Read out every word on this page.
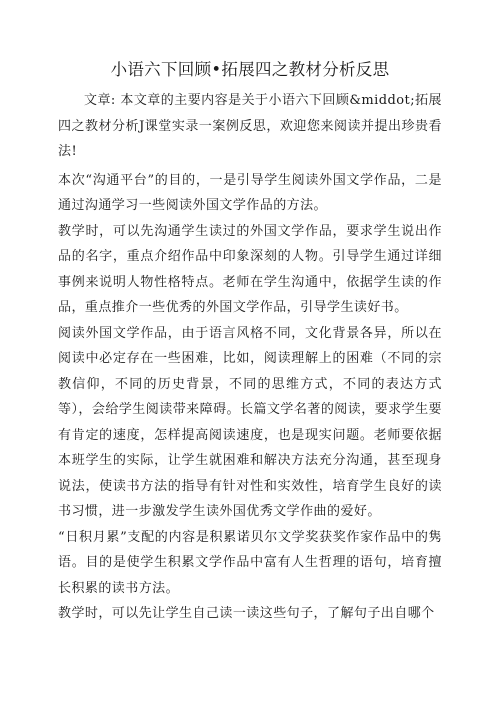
小语六下回顾•拓展四之教材分析反思

文章: 本文章的主要内容是关于小语六下回顾&middot;拓展四之教材分析J课堂实录一案例反思，欢迎您来阅读并提出珍贵看法!

本次“沟通平台”的目的，一是引导学生阅读外国文学作品，二是通过沟通学习一些阅读外国文学作品的方法。

教学时，可以先沟通学生读过的外国文学作品，要求学生说出作品的名字，重点介绍作品中印象深刻的人物。引导学生通过详细事例来说明人物性格特点。老师在学生沟通中，依据学生读的作品，重点推介一些优秀的外国文学作品，引导学生读好书。

阅读外国文学作品，由于语言风格不同，文化背景各异，所以在阅读中必定存在一些困难，比如，阅读理解上的困难（不同的宗教信仰，不同的历史背景，不同的思维方式，不同的表达方式等），会给学生阅读带来障碍。长篇文学名著的阅读，要求学生要有肯定的速度，怎样提高阅读速度，也是现实问题。老师要依据本班学生的实际，让学生就困难和解决方法充分沟通，甚至现身说法，使读书方法的指导有针对性和实效性，培育学生良好的读书习惯，进一步激发学生读外国优秀文学作曲的爱好。

“日积月累”支配的内容是积累诺贝尔文学奖获奖作家作品中的隽语。目的是使学生积累文学作品中富有人生哲理的语句，培育擅长积累的读书方法。

教学时，可以先让学生自己读一读这些句子，了解句子出自哪个
